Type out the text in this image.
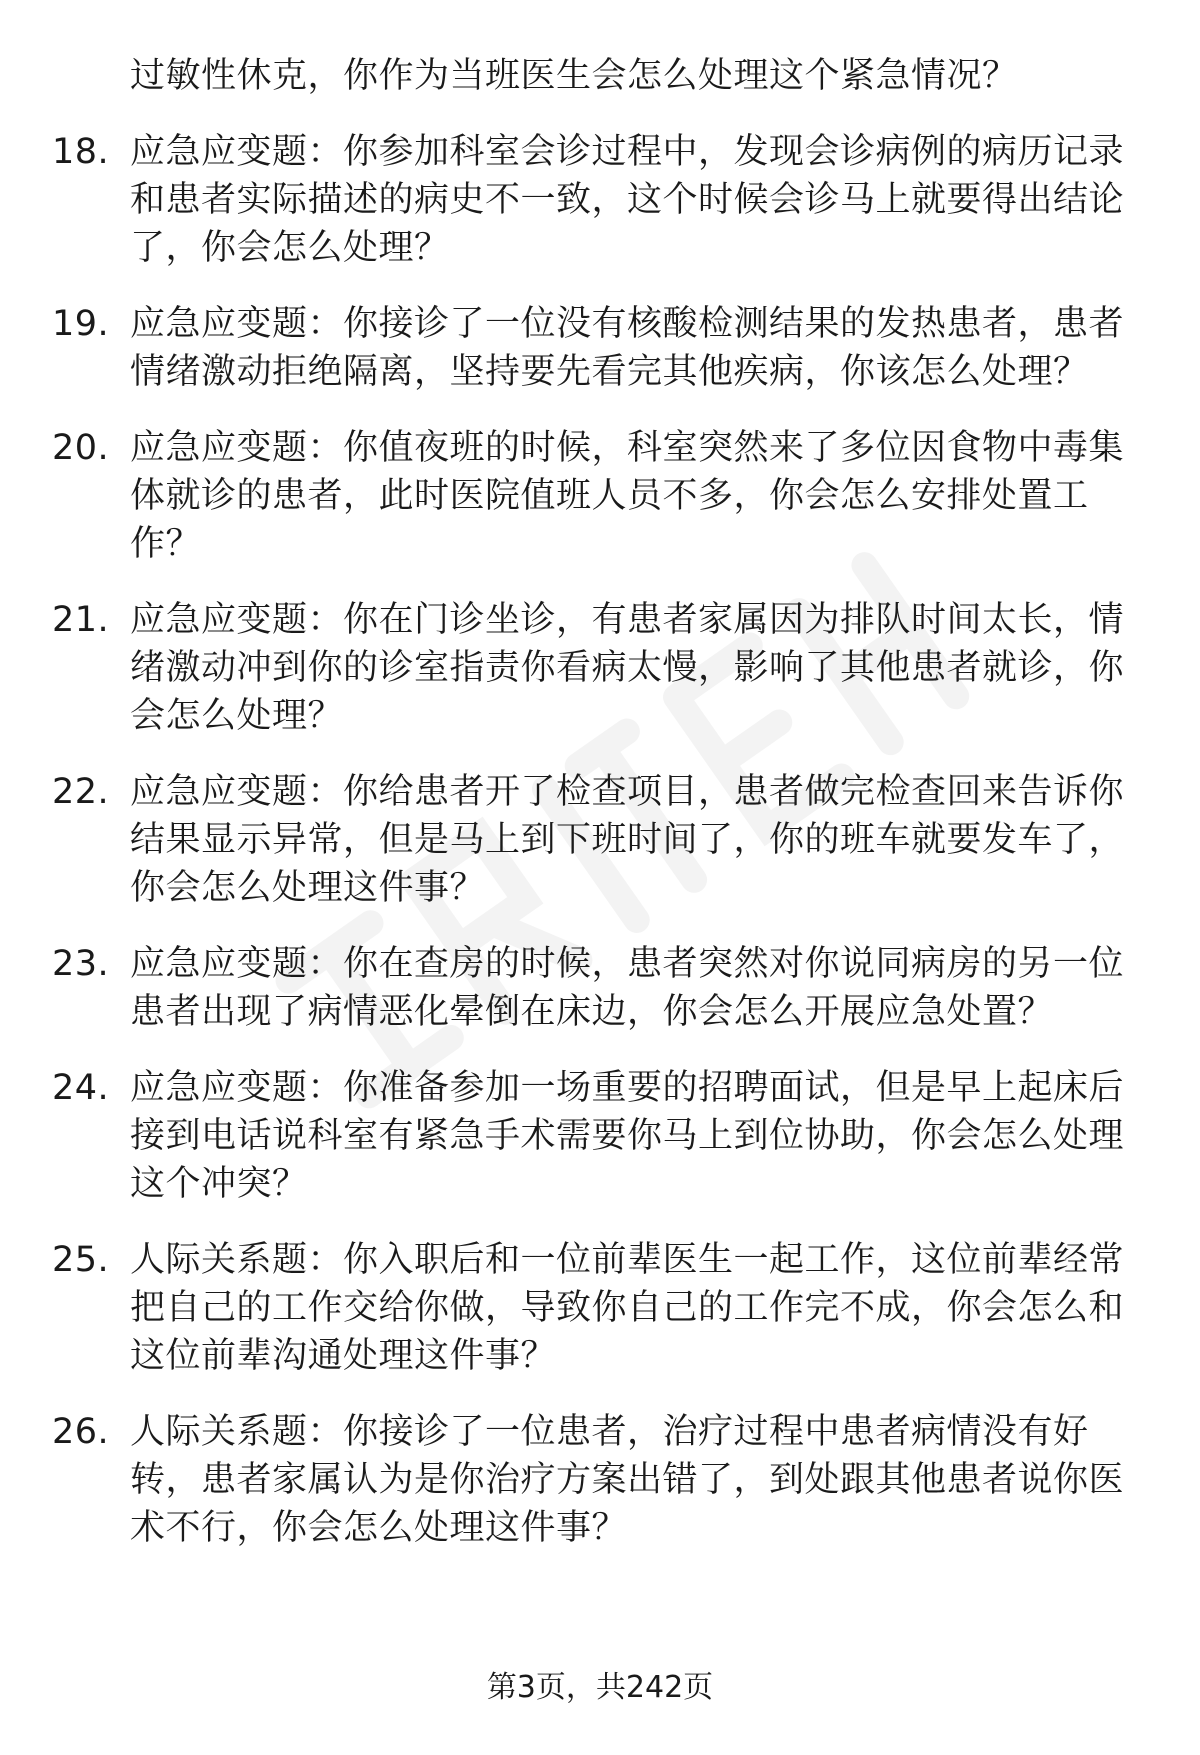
过敏性休克，你作为当班医生会怎么处理这个紧急情况？
18. 应急应变题：你参加科室会诊过程中，发现会诊病例的病历记录
和患者实际描述的病史不一致，这个时候会诊马上就要得出结论
了，你会怎么处理？
19. 应急应变题：你接诊了一位没有核酸检测结果的发热患者，患者
情绪激动拒绝隔离，坚持要先看完其他疾病，你该怎么处理？
20. 应急应变题：你值夜班的时候，科室突然来了多位因食物中毒集
体就诊的患者，此时医院值班人员不多，你会怎么安排处置工
作？
21. 应急应变题：你在门诊坐诊，有患者家属因为排队时间太长，情
绪激动冲到你的诊室指责你看病太慢，影响了其他患者就诊，你
会怎么处理？
22. 应急应变题：你给患者开了检查项目，患者做完检查回来告诉你
结果显示异常，但是马上到下班时间了，你的班车就要发车了，
你会怎么处理这件事？
23. 应急应变题：你在查房的时候，患者突然对你说同病房的另一位
患者出现了病情恶化晕倒在床边，你会怎么开展应急处置？
24. 应急应变题：你准备参加一场重要的招聘面试，但是早上起床后
接到电话说科室有紧急手术需要你马上到位协助，你会怎么处理
这个冲突？
25. 人际关系题：你入职后和一位前辈医生一起工作，这位前辈经常
把自己的工作交给你做，导致你自己的工作完不成，你会怎么和
这位前辈沟通处理这件事？
26. 人际关系题：你接诊了一位患者，治疗过程中患者病情没有好
转，患者家属认为是你治疗方案出错了，到处跟其他患者说你医
术不行，你会怎么处理这件事？
第3页，共242页
